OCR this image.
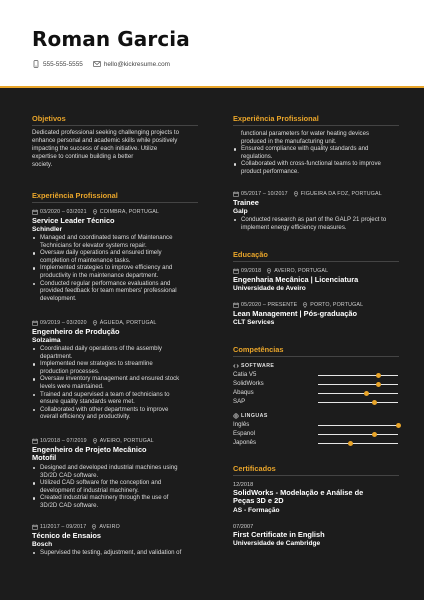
Roman Garcia
555-555-5555	hello@kickresume.com
Objetivos
Dedicated professional seeking challenging projects to
enhance personal and academic skills while positively
impacting the success of each initiative. Utilize
expertise to continue building a better
society.
Experiência Profissional
03/2020 – 03/2021 COIMBRA, PORTUGAL
Service Leader Técnico
Schindler
Managed and coordinated teams of Maintenance
Technicians for elevator systems repair.
Oversaw daily operations and ensured timely
completion of maintenance tasks.
Implemented strategies to improve efficiency and
productivity in the maintenance department.
Conducted regular performance evaluations and
provided feedback for team members' professional
development.
09/2019 – 03/2020 ÁGUEDA, PORTUGAL
Engenheiro de Produção
Solzaima
Coordinated daily operations of the assembly
department.
Implemented new strategies to streamline
production processes.
Oversaw inventory management and ensured stock
levels were maintained.
Trained and supervised a team of technicians to
ensure quality standards were met.
Collaborated with other departments to improve
overall efficiency and productivity.
10/2018 – 07/2019 AVEIRO, PORTUGAL
Engenheiro de Projeto Mecânico
Motofil
Designed and developed industrial machines using
3D/2D CAD software.
Utilized CAD software for the conception and
development of industrial machinery.
Created industrial machinery through the use of
3D/2D CAD software.
11/2017 – 09/2017 AVEIRO
Técnico de Ensaios
Bosch
Supervised the testing, adjustment, and validation of
Experiência Profissional
functional parameters for water heating devices
produced in the manufacturing unit.
Ensured compliance with quality standards and
regulations.
Collaborated with cross-functional teams to improve
product performance.
05/2017 – 10/2017 FIGUEIRA DA FOZ, PORTUGAL
Trainee
Galp
Conducted research as part of the GALP 21 project to
implement energy efficiency measures.
Educação
09/2018 AVEIRO, PORTUGAL
Engenharia Mecânica | Licenciatura
Universidade de Aveiro
05/2020 – PRESENTE PORTO, PORTUGAL
Lean Management | Pós-graduação
CLT Services
Competências
SOFTWARE
Catia V5
SolidWorks
Abaqus
SAP
LINGUAS
Inglês
Espanol
Japonês
Certificados
12/2018
SolidWorks - Modelação e Análise de
Peças 3D e 2D
AS - Formação
07/2007
First Certificate in English
Universidade de Cambridge
